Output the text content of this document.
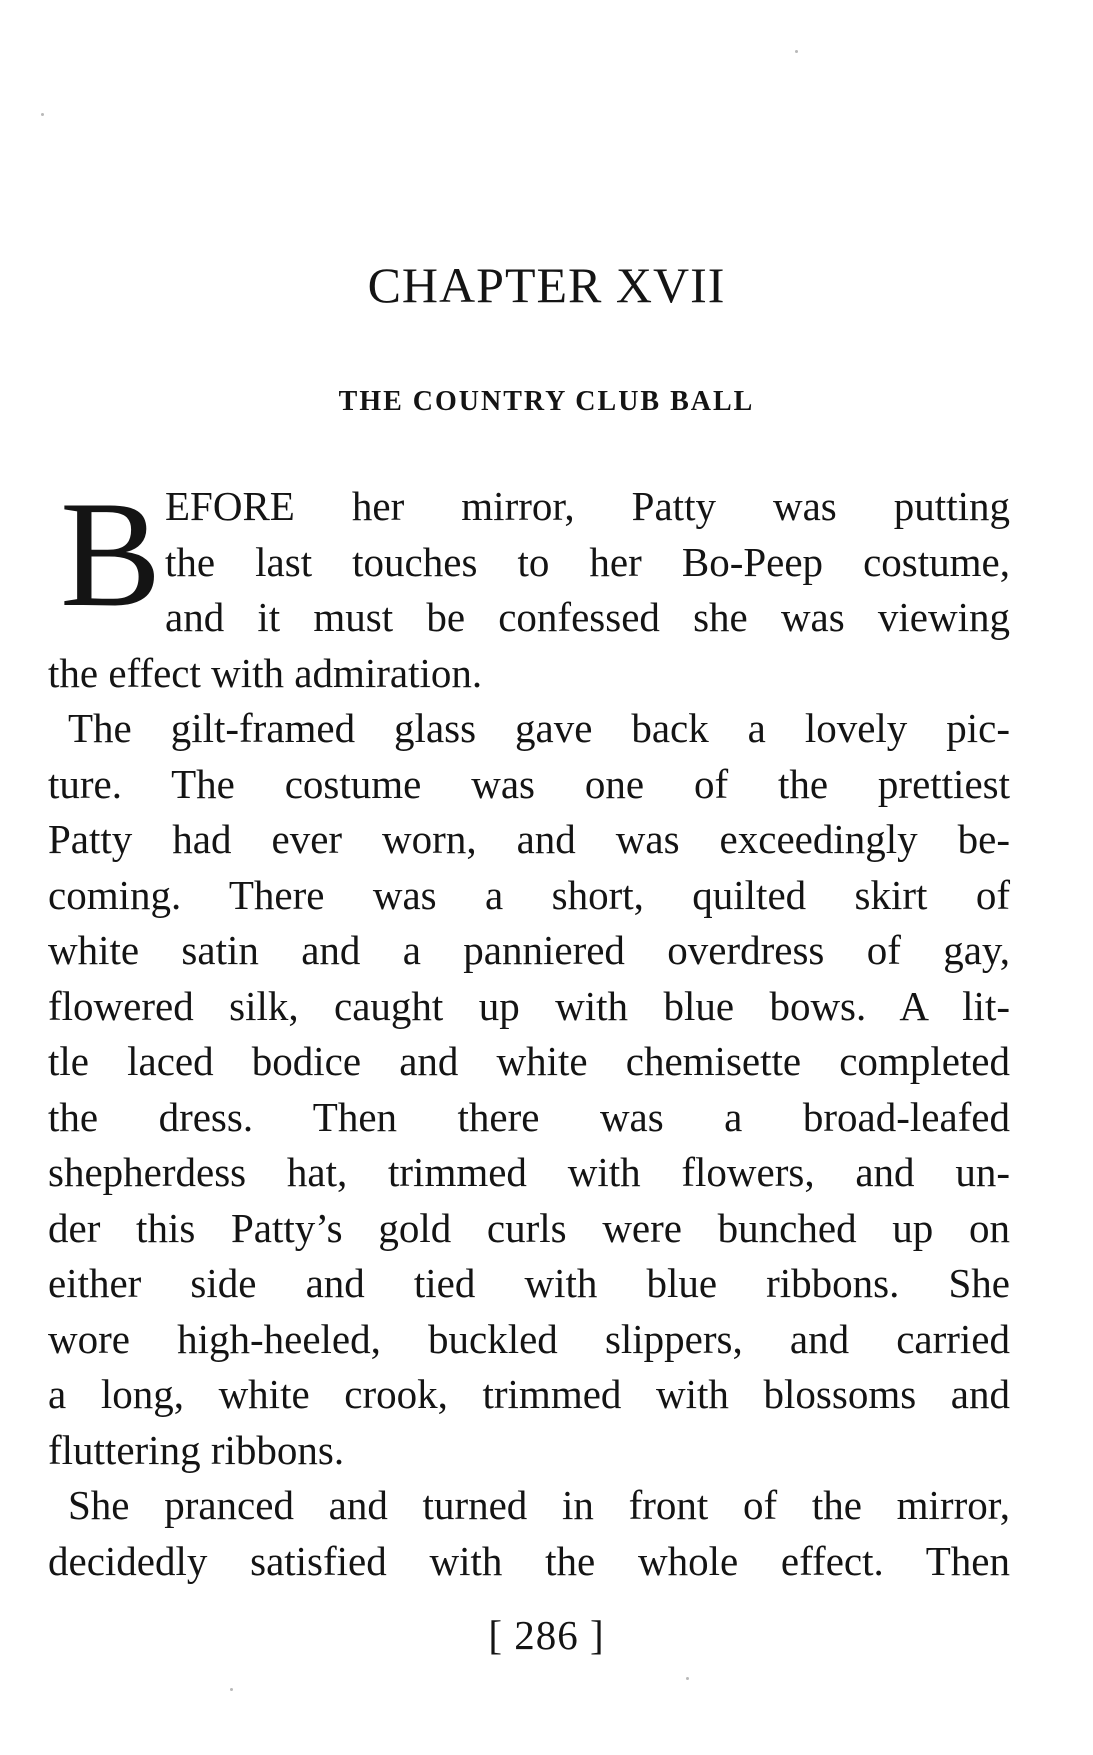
CHAPTER XVII
THE COUNTRY CLUB BALL
B EFORE her mirror, Patty was putting
the last touches to her Bo-Peep costume,
and it must be confessed she was viewing
the effect with admiration.
The gilt-framed glass gave back a lovely pic-
ture. The costume was one of the prettiest
Patty had ever worn, and was exceedingly be-
coming. There was a short, quilted skirt of
white satin and a panniered overdress of gay,
flowered silk, caught up with blue bows. A lit-
tle laced bodice and white chemisette completed
the dress. Then there was a broad-leafed
shepherdess hat, trimmed with flowers, and un-
der this Patty’s gold curls were bunched up on
either side and tied with blue ribbons. She
wore high-heeled, buckled slippers, and carried
a long, white crook, trimmed with blossoms and
fluttering ribbons.
She pranced and turned in front of the mirror,
decidedly satisfied with the whole effect. Then
[ 286 ]
